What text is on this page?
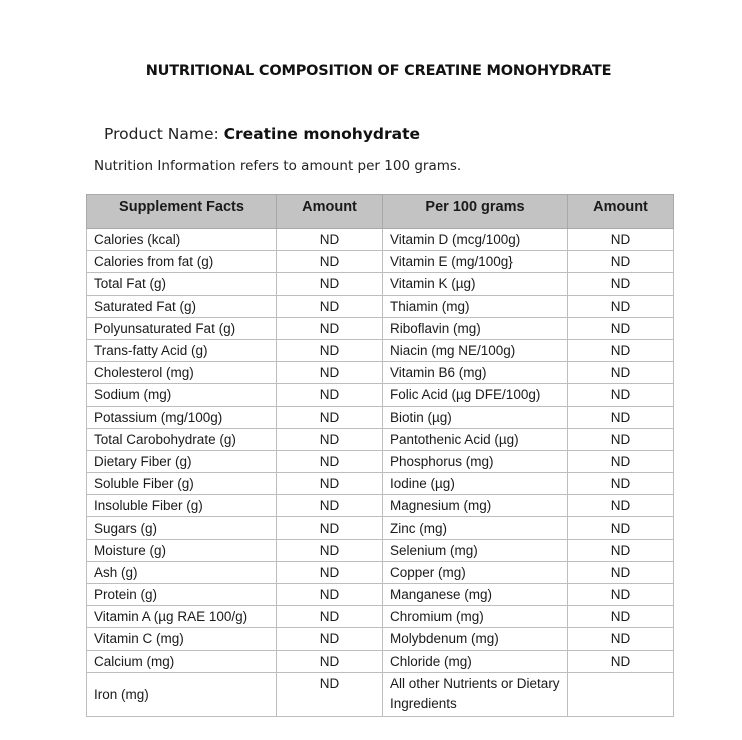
NUTRITIONAL COMPOSITION OF CREATINE MONOHYDRATE
Product Name: Creatine monohydrate
Nutrition Information refers to amount per 100 grams.
Supplement Facts	Amount	Per 100 grams	Amount
Calories (kcal)	ND	Vitamin D (mcg/100g)	ND
Calories from fat (g)	ND	Vitamin E (mg/100g}	ND
Total Fat (g)	ND	Vitamin K (µg)	ND
Saturated Fat (g)	ND	Thiamin (mg)	ND
Polyunsaturated Fat (g)	ND	Riboflavin (mg)	ND
Trans-fatty Acid (g)	ND	Niacin (mg NE/100g)	ND
Cholesterol (mg)	ND	Vitamin B6 (mg)	ND
Sodium (mg)	ND	Folic Acid (µg DFE/100g)	ND
Potassium (mg/100g)	ND	Biotin (µg)	ND
Total Carobohydrate (g)	ND	Pantothenic Acid (µg)	ND
Dietary Fiber (g)	ND	Phosphorus (mg)	ND
Soluble Fiber (g)	ND	Iodine (µg)	ND
Insoluble Fiber (g)	ND	Magnesium (mg)	ND
Sugars (g)	ND	Zinc (mg)	ND
Moisture (g)	ND	Selenium (mg)	ND
Ash (g)	ND	Copper (mg)	ND
Protein (g)	ND	Manganese (mg)	ND
Vitamin A (µg RAE 100/g)	ND	Chromium (mg)	ND
Vitamin C (mg)	ND	Molybdenum (mg)	ND
Calcium (mg)	ND	Chloride (mg)	ND
Iron (mg)	ND	All other Nutrients or Dietary Ingredients	
